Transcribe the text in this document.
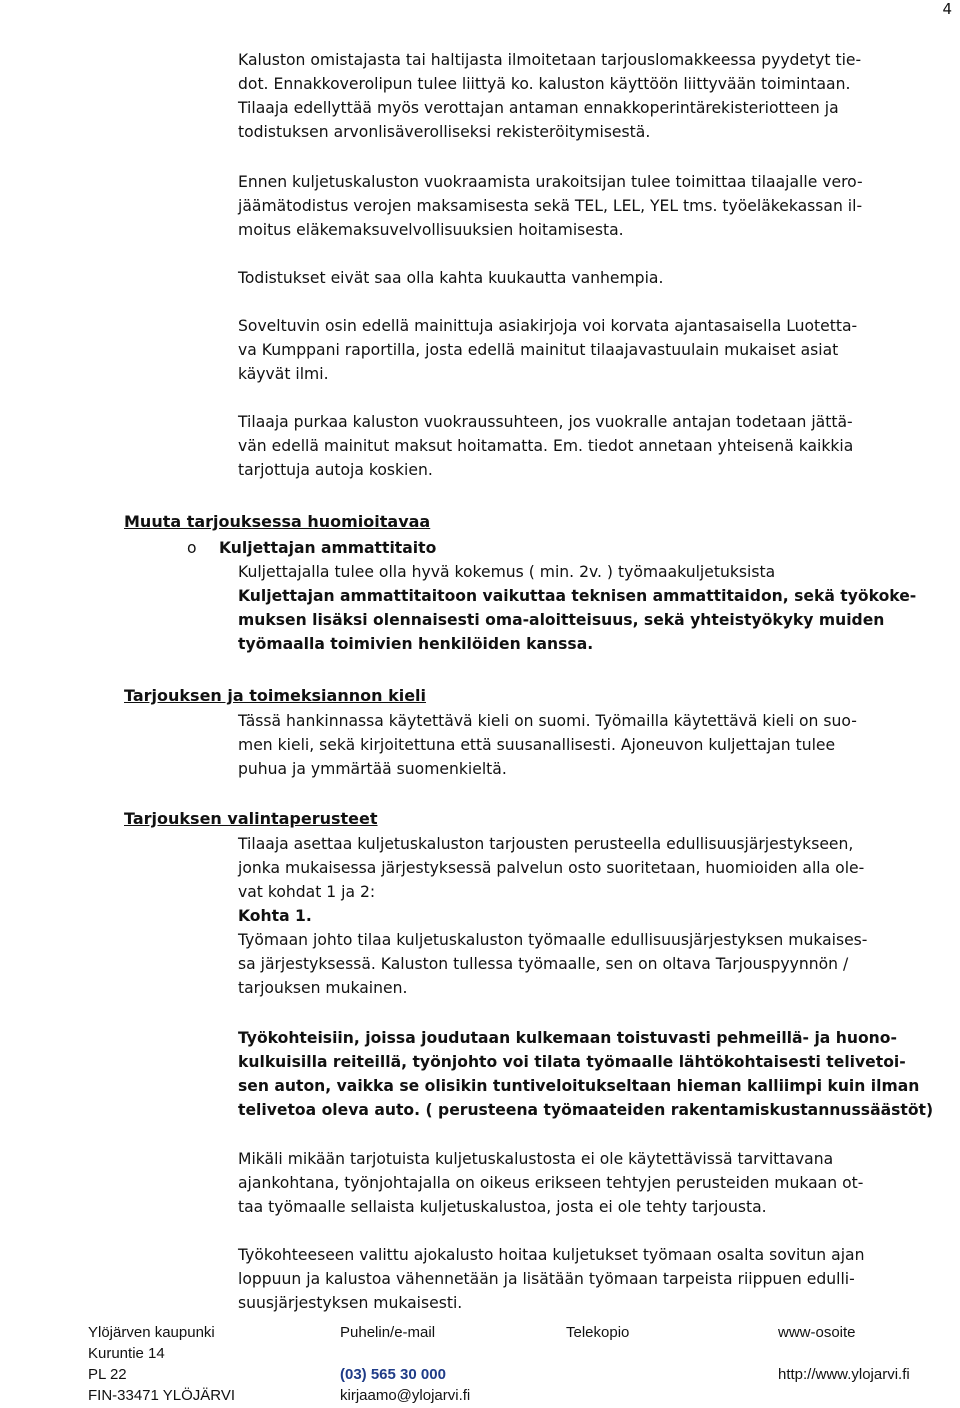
4

Kaluston omistajasta tai haltijasta ilmoitetaan tarjouslomakkeessa pyydetyt tie-
dot. Ennakkoverolipun tulee liittyä ko. kaluston käyttöön liittyvään toimintaan.
Tilaaja edellyttää myös verottajan antaman ennakkoperintärekisteriotteen ja
todistuksen arvonlisäverolliseksi rekisteröitymisestä.

Ennen kuljetuskaluston vuokraamista urakoitsijan tulee toimittaa tilaajalle vero-
jäämätodistus verojen maksamisesta sekä TEL, LEL, YEL tms. työeläkekassan il-
moitus eläkemaksuvelvollisuuksien hoitamisesta.

Todistukset eivät saa olla kahta kuukautta vanhempia.

Soveltuvin osin edellä mainittuja asiakirjoja voi korvata ajantasaisella Luotetta-
va Kumppani raportilla, josta edellä mainitut tilaajavastuulain mukaiset asiat
käyvät ilmi.

Tilaaja purkaa kaluston vuokraussuhteen, jos vuokralle antajan todetaan jättä-
vän edellä mainitut maksut hoitamatta. Em. tiedot annetaan yhteisenä kaikkia
tarjottuja autoja koskien.

Muuta tarjouksessa huomioitavaa
o Kuljettajan ammattitaito

Kuljettajalla tulee olla hyvä kokemus ( min. 2v. ) työmaakuljetuksista
Kuljettajan ammattitaitoon vaikuttaa teknisen ammattitaidon, sekä työkoke-
muksen lisäksi olennaisesti oma-aloitteisuus, sekä yhteistyökyky muiden
työmaalla toimivien henkilöiden kanssa.

Tarjouksen ja toimeksiannon kieli

Tässä hankinnassa käytettävä kieli on suomi. Työmailla käytettävä kieli on suo-
men kieli, sekä kirjoitettuna että suusanallisesti. Ajoneuvon kuljettajan tulee
puhua ja ymmärtää suomenkieltä.

Tarjouksen valintaperusteet

Tilaaja asettaa kuljetuskaluston tarjousten perusteella edullisuusjärjestykseen,
jonka mukaisessa järjestyksessä palvelun osto suoritetaan, huomioiden alla ole-
vat kohdat 1 ja 2:
Kohta 1.
Työmaan johto tilaa kuljetuskaluston työmaalle edullisuusjärjestyksen mukaises-
sa järjestyksessä. Kaluston tullessa työmaalle, sen on oltava Tarjouspyynnön /
tarjouksen mukainen.

Työkohteisiin, joissa joudutaan kulkemaan toistuvasti pehmeillä- ja huono-
kulkuisilla reiteillä, työnjohto voi tilata työmaalle lähtökohtaisesti telivetoi-
sen auton, vaikka se olisikin tuntiveloitukseltaan hieman kalliimpi kuin ilman
telivetoa oleva auto. ( perusteena työmaateiden rakentamiskustannussäästöt)

Mikäli mikään tarjotuista kuljetuskalustosta ei ole käytettävissä tarvittavana
ajankohtana, työnjohtajalla on oikeus erikseen tehtyjen perusteiden mukaan ot-
taa työmaalle sellaista kuljetuskalustoa, josta ei ole tehty tarjousta.

Työkohteeseen valittu ajokalusto hoitaa kuljetukset työmaan osalta sovitun ajan
loppuun ja kalustoa vähennetään ja lisätään työmaan tarpeista riippuen edulli-
suusjärjestyksen mukaisesti.

Ylöjärven kaupunki
Kuruntie 14
PL 22
FIN-33471 YLÖJÄRVI
Puhelin/e-mail
(03) 565 30 000
kirjaamo@ylojarvi.fi
Telekopio	www-osoite
http://www.ylojarvi.fi
